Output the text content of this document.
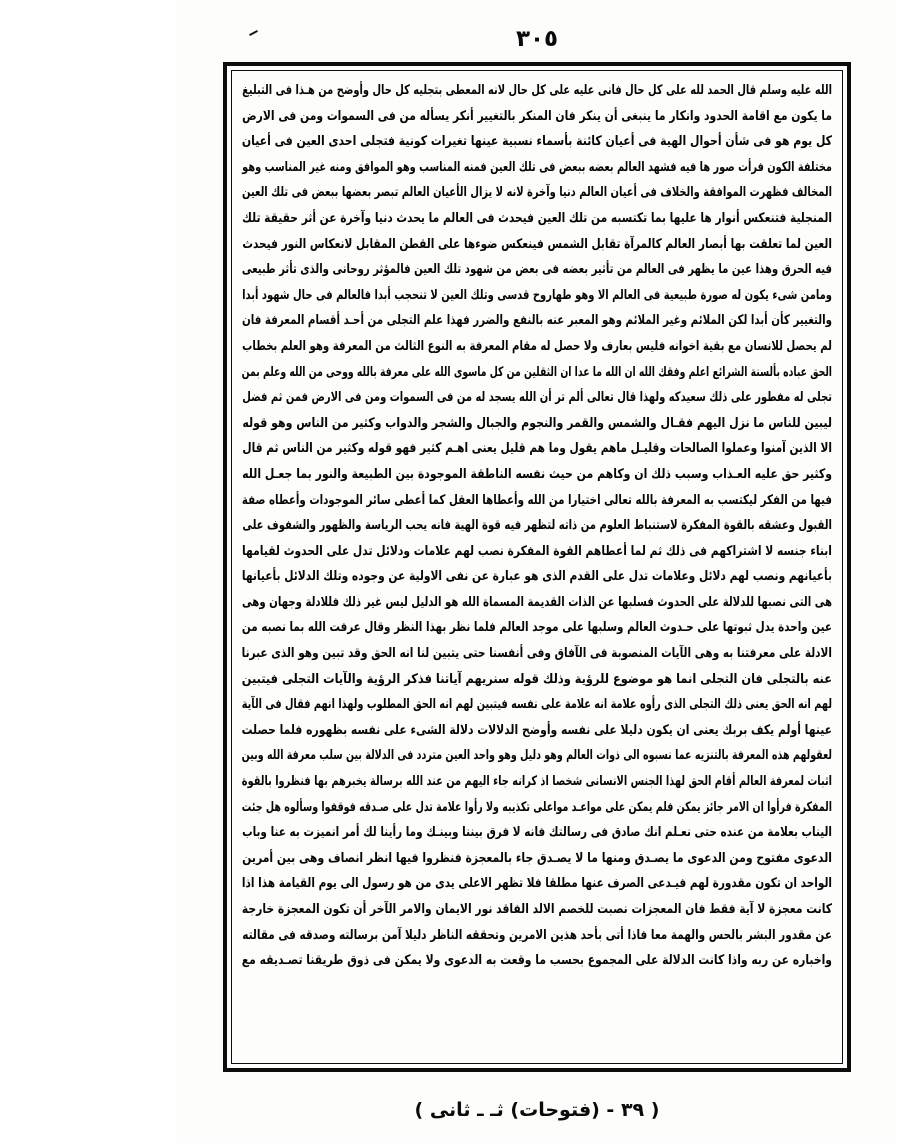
٣٠٥
الله عليه وسلم قال الحمد لله على كل حال فانى عليه على كل حال لانه المعطى بتجليه كل حال وأوضح من هـذا فى التبليغما يكون مع اقامة الحدود وانكار ما ينبغى أن ينكر فان المنكر بالتغيير أنكر يسأله من فى السموات ومن فى الارضكل يوم هو فى شأن أحوال الهية فى أعيان كائنة بأسماء نسبية عينها تغيرات كونية فتجلى احدى العين فى أعيانمختلفة الكون فرأت صور ها فيه فشهد العالم بعضه ببعض فى تلك العين فمنه المناسب وهو الموافق ومنه غير المناسب وهوالمخالف فظهرت الموافقة والخلاف فى أعيان العالم دنيا وآخرة لانه لا يزال الأعيان العالم تبصر بعضها ببعض فى تلك العينالمنجلية فتنعكس أنوار ها عليها بما تكتسبه من تلك العين فيحدث فى العالم ما يحدث دنيا وآخرة عن أثر حقيقة تلكالعين لما تعلقت بها أبصار العالم كالمرآة تقابل الشمس فينعكس ضوءها على القطن المقابل لانعكاس النور فيحدثفيه الحرق وهذا عين ما يظهر فى العالم من تأثير بعضه فى بعض من شهود تلك العين فالمؤثر روحانى والذى تأثر طبيعىومامن شىء يكون له صورة طبيعية فى العالم الا وهو طهاروح قدسى وتلك العين لا تنحجب أبدا فالعالم فى حال شهود أبداوالتغيير كأن أبدا لكن الملائم وغير الملائم وهو المعبر عنه بالنفع والضرر فهذا علم التجلى من أحـد أقسام المعرفة فانلم يحصل للانسان مع بقية اخوانه فليس بعارف ولا حصل له مقام المعرفة به النوع الثالث من المعرفة وهو العلم بخطابالحق عباده بألسنة الشرائع اعلم وفقك الله ان الله ما عدا ان الثقلين من كل ماسوى الله على معرفة بالله ووحى من الله وعلم بمنتجلى له مفطور على ذلك سعيدكه ولهذا قال تعالى ألم تر أن الله يسجد له من فى السموات ومن فى الارض فمن ثم فضلليبين للناس ما نزل اليهم فقـال والشمس والقمر والنجوم والجبال والشجر والدواب وكثير من الناس وهو قولهالا الذين آمنوا وعملوا الصالحات وقليـل ماهم يقول وما هم قليل يعنى اهـم كثير فهو قوله وكثير من الناس ثم قالوكثير حق عليه العـذاب وسبب ذلك ان وكاهم من حيث نفسه الناطقة الموجودة بين الطبيعة والنور بما جعـل اللهفيها من الفكر ليكتسب به المعرفة بالله تعالى اختيارا من الله وأعطاها العقل كما أعطى سائر الموجودات وأعطاه صفةالقبول وعشقه بالقوة المفكرة لاستنباط العلوم من ذاته لتظهر فيه قوة الهية فانه يحب الرياسة والظهور والشفوف علىابناء جنسه لا اشتراكهم فى ذلك ثم لما أعطاهم القوة المفكرة نصب لهم علامات ودلائل تدل على الحدوث لقيامهابأعيانهم ونصب لهم دلائل وعلامات تدل على القدم الذى هو عبارة عن نفى الاولية عن وجوده وتلك الدلائل بأعيانهاهى التى نصبها للدلالة على الحدوث فسلبها عن الذات القديمة المسماة الله هو الدليل ليس غير ذلك فللادلة وجهان وهىعين واحدة يدل ثبوتها على حـدوث العالم وسلبها على موجد العالم فلما نظر بهذا النظر وقال عرفت الله بما نصبه منالادلة على معرفتنا به وهى الآيات المنصوبة فى الآفاق وفى أنفسنا حتى يتبين لنا انه الحق وقد تبين وهو الذى عبرناعنه بالتجلى فان التجلى انما هو موضوع للرؤية وذلك قوله سنريهم آياتنا فذكر الرؤية والآيات التجلى فيتبينلهم انه الحق يعنى ذلك التجلى الذى رأوه علامة انه علامة على نفسه فيتبين لهم انه الحق المطلوب ولهذا انهم فقال فى الآيةعينها أولم يكف بربك يعنى ان يكون دليلا على نفسه وأوضح الدلالات دلالة الشىء على نفسه بظهوره فلما حصلتلعقولهم هذه المعرفة بالتنزيه عما نسبوه الى ذوات العالم وهو دليل وهو واحد العين متردد فى الدلالة بين سلب معرفة الله وبيناثبات لمعرفة العالم أقام الحق لهذا الجنس الانسانى شخصا اذ كرانه جاء اليهم من عند الله برسالة يخبرهم بها فنظروا بالقوةالمفكرة فرأوا ان الامر جائز يمكن فلم يمكن على مواعـد مواعلى تكذيبه ولا رأوا علامة تدل على صـدقه فوقفوا وسألوه هل جئتاليناب بعلامة من عنده حتى نعـلم انك صادق فى رسالتك فانه لا فرق بيننا وبينـك وما رأينا لك أمر انميزت به عنا وبابالدعوى مفتوح ومن الدعوى ما يصـدق ومنها ما لا يصـدق جاء بالمعجزة فنظروا فيها انظر انصاف وهى بين أمرينالواحد ان تكون مقدورة لهم فيـدعى الصرف عنها مطلقا فلا تظهر الاعلى يدى من هو رسول الى يوم القيامة هذا اذاكانت معجزة لا آية فقط فان المعجزات نصبت للخصم الالد الفاقد نور الايمان والامر الآخر أن تكون المعجزة خارجةعن مقدور البشر بالحس والهمة معا فاذا أتى بأحد هذين الامرين وتحققه الناظر دليلا آمن برسالته وصدقه فى مقالتهواخباره عن ربه واذا كانت الدلالة على المجموع بحسب ما وقعت به الدعوى ولا يمكن فى ذوق طريقنا تصـديقه مع
( ٣٩ - (فتوحات) ثـ ـ ثانى )
